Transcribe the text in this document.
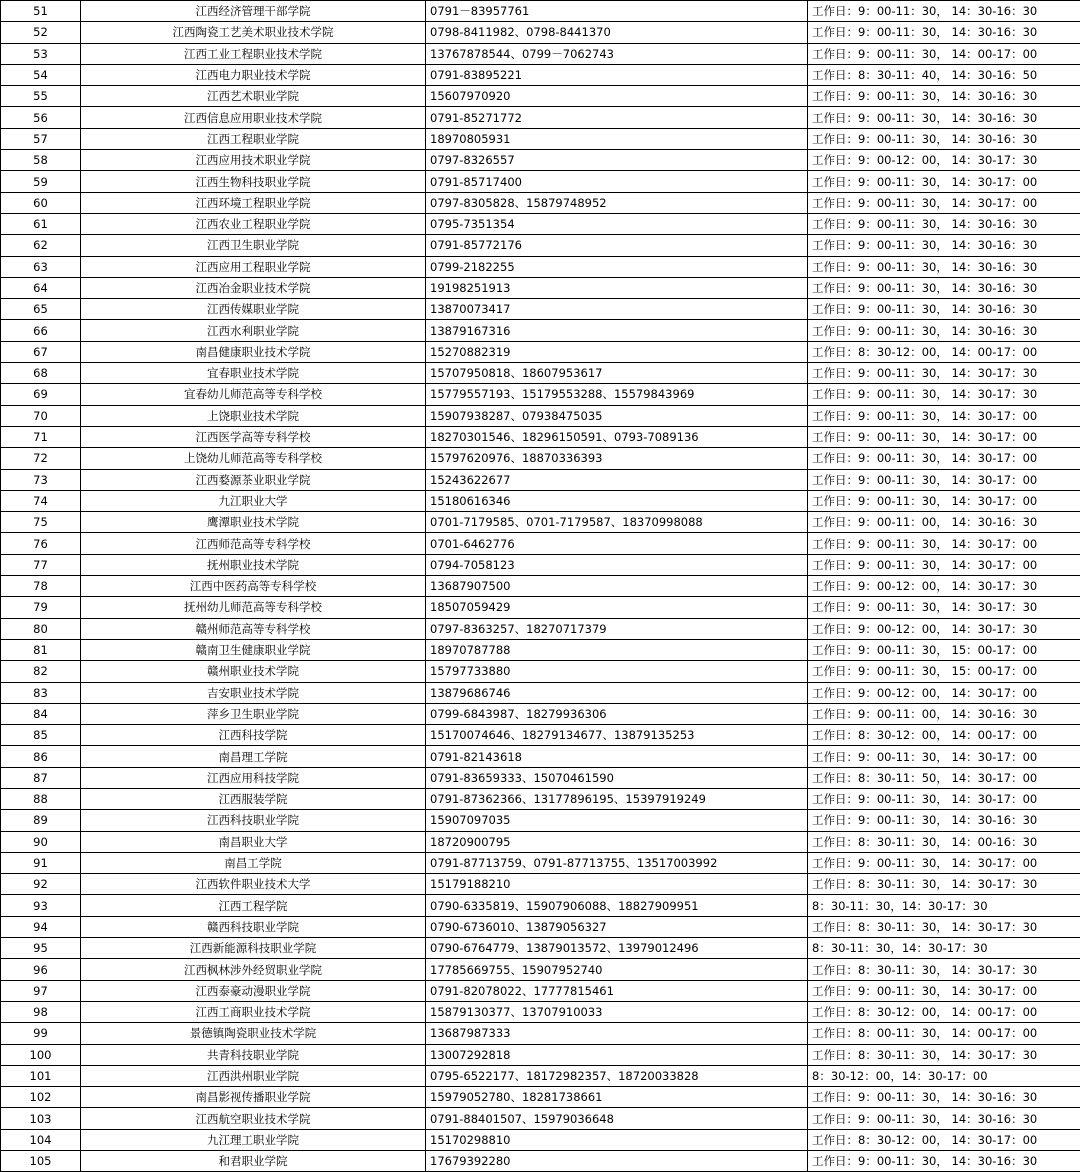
51	江西经济管理干部学院	0791－83957761	工作日：9：00-11：30， 14：30-16：30
52	江西陶瓷工艺美术职业技术学院	0798-8411982、0798-8441370	工作日：9：00-11：30， 14：30-16：30
53	江西工业工程职业技术学院	13767878544、0799－7062743	工作日：9：00-11：30， 14：00-17：00
54	江西电力职业技术学院	0791-83895221	工作日：8：30-11：40， 14：30-16：50
55	江西艺术职业学院	15607970920	工作日：9：00-11：30， 14：30-16：30
56	江西信息应用职业技术学院	0791-85271772	工作日：9：00-11：30， 14：30-16：30
57	江西工程职业学院	18970805931	工作日：9：00-11：30， 14：30-16：30
58	江西应用技术职业学院	0797-8326557	工作日：9：00-12：00， 14：30-17：30
59	江西生物科技职业学院	0791-85717400	工作日：9：00-11：30， 14：30-17：00
60	江西环境工程职业学院	0797-8305828、15879748952	工作日：9：00-11：30， 14：30-17：00
61	江西农业工程职业学院	0795-7351354	工作日：9：00-11：30， 14：30-16：30
62	江西卫生职业学院	0791-85772176	工作日：9：00-11：30， 14：30-16：30
63	江西应用工程职业学院	0799-2182255	工作日：9：00-11：30， 14：30-16：30
64	江西冶金职业技术学院	19198251913	工作日：9：00-11：30， 14：30-16：30
65	江西传媒职业学院	13870073417	工作日：9：00-11：30， 14：30-16：30
66	江西水利职业学院	13879167316	工作日：9：00-11：30， 14：30-16：30
67	南昌健康职业技术学院	15270882319	工作日：8：30-12：00， 14：00-17：00
68	宜春职业技术学院	15707950818、18607953617	工作日：9：00-11：30， 14：30-17：30
69	宜春幼儿师范高等专科学校	15779557193、15179553288、15579843969	工作日：9：00-11：30， 14：30-17：30
70	上饶职业技术学院	15907938287、07938475035	工作日：9：00-11：30， 14：30-17：00
71	江西医学高等专科学校	18270301546、18296150591、0793-7089136	工作日：9：00-11：30， 14：30-17：00
72	上饶幼儿师范高等专科学校	15797620976、18870336393	工作日：9：00-11：30， 14：30-17：00
73	江西婺源茶业职业学院	15243622677	工作日：9：00-11：30， 14：30-17：00
74	九江职业大学	15180616346	工作日：9：00-11：30， 14：30-17：00
75	鹰潭职业技术学院	0701-7179585、0701-7179587、18370998088	工作日：9：00-11：00， 14：30-16：30
76	江西师范高等专科学校	0701-6462776	工作日：9：00-11：30， 14：30-17：00
77	抚州职业技术学院	0794-7058123	工作日：9：00-11：30， 14：30-17：00
78	江西中医药高等专科学校	13687907500	工作日：9：00-12：00， 14：30-17：30
79	抚州幼儿师范高等专科学校	18507059429	工作日：9：00-11：30， 14：30-17：30
80	赣州师范高等专科学校	0797-8363257、18270717379	工作日：9：00-12：00， 14：30-17：30
81	赣南卫生健康职业学院	18970787788	工作日：9：00-11：30， 15：00-17：00
82	赣州职业技术学院	15797733880	工作日：9：00-11：30， 15：00-17：00
83	吉安职业技术学院	13879686746	工作日：9：00-12：00， 14：30-17：00
84	萍乡卫生职业学院	0799-6843987、18279936306	工作日：9：00-11：00， 14：30-16：30
85	江西科技学院	15170074646、18279134677、13879135253	工作日：8：30-12：00， 14：00-17：00
86	南昌理工学院	0791-82143618	工作日：9：00-11：30， 14：30-17：00
87	江西应用科技学院	0791-83659333、15070461590	工作日：8：30-11：50， 14：30-17：00
88	江西服装学院	0791-87362366、13177896195、15397919249	工作日：9：00-11：30， 14：30-17：00
89	江西科技职业学院	15907097035	工作日：9：00-11：30， 14：30-16：30
90	南昌职业大学	18720900795	工作日：8：30-11：30， 14：00-16：30
91	南昌工学院	0791-87713759、0791-87713755、13517003992	工作日：9：00-11：30， 14：30-17：00
92	江西软件职业技术大学	15179188210	工作日：8：30-11：30， 14：30-17：30
93	江西工程学院	0790-6335819、15907906088、18827909951	8：30-11：30，14：30-17：30
94	赣西科技职业学院	0790-6736010、13879056327	工作日：8：30-11：30， 14：30-17：30
95	江西新能源科技职业学院	0790-6764779、13879013572、13979012496	8：30-11：30，14：30-17：30
96	江西枫林涉外经贸职业学院	17785669755、15907952740	工作日：8：30-11：30， 14：30-17：30
97	江西泰豪动漫职业学院	0791-82078022、17777815461	工作日：9：00-11：30， 14：30-17：00
98	江西工商职业技术学院	15879130377、13707910033	工作日：8：30-12：00， 14：00-17：00
99	景德镇陶瓷职业技术学院	13687987333	工作日：8：00-11：30， 14：00-17：00
100	共青科技职业学院	13007292818	工作日：8：30-11：30， 14：30-17：30
101	江西洪州职业学院	0795-6522177、18172982357、18720033828	8：30-12：00，14：30-17：00
102	南昌影视传播职业学院	15979052780、18281738661	工作日：9：00-11：30， 14：30-16：30
103	江西航空职业技术学院	0791-88401507、15979036648	工作日：9：00-11：30， 14：30-16：30
104	九江理工职业学院	15170298810	工作日：8：30-12：00， 14：30-17：00
105	和君职业学院	17679392280	工作日：9：00-11：30， 14：30-16：30
